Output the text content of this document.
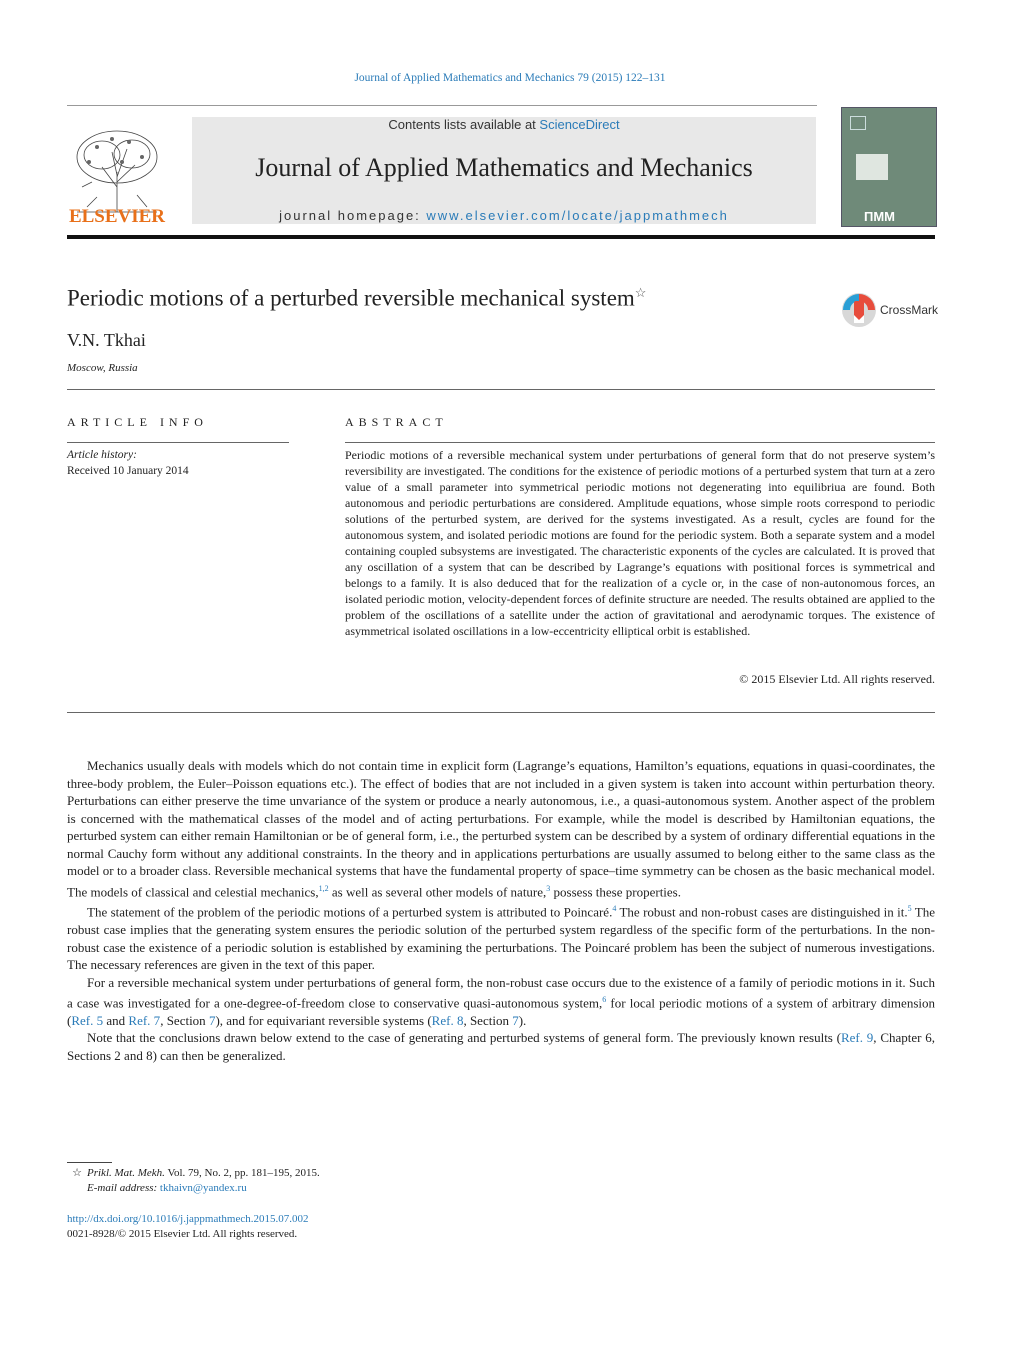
Journal of Applied Mathematics and Mechanics 79 (2015) 122–131
ELSEVIER
Contents lists available at ScienceDirect
Journal of Applied Mathematics and Mechanics
journal homepage: www.elsevier.com/locate/jappmathmech	ПММ
Periodic motions of a perturbed reversible mechanical system☆
CrossMark
V.N. Tkhai
Moscow, Russia
ARTICLE INFO
Article history:
Received 10 January 2014
ABSTRACT
Periodic motions of a reversible mechanical system under perturbations of general form that do not preserve system’s reversibility are investigated. The conditions for the existence of periodic motions of a perturbed system that turn at a zero value of a small parameter into symmetrical periodic motions not degenerating into equilibriua are found. Both autonomous and periodic perturbations are considered. Amplitude equations, whose simple roots correspond to periodic solutions of the perturbed system, are derived for the systems investigated. As a result, cycles are found for the autonomous system, and isolated periodic motions are found for the periodic system. Both a separate system and a model containing coupled subsystems are investigated. The characteristic exponents of the cycles are calculated. It is proved that any oscillation of a system that can be described by Lagrange’s equations with positional forces is symmetrical and belongs to a family. It is also deduced that for the realization of a cycle or, in the case of non-autonomous forces, an isolated periodic motion, velocity-dependent forces of definite structure are needed. The results obtained are applied to the problem of the oscillations of a satellite under the action of gravitational and aerodynamic torques. The existence of asymmetrical isolated oscillations in a low-eccentricity elliptical orbit is established.
© 2015 Elsevier Ltd. All rights reserved.

Mechanics usually deals with models which do not contain time in explicit form (Lagrange’s equations, Hamilton’s equations, equations in quasi-coordinates, the three-body problem, the Euler–Poisson equations etc.). The effect of bodies that are not included in a given system is taken into account within perturbation theory. Perturbations can either preserve the time unvariance of the system or produce a nearly autonomous, i.e., a quasi-autonomous system. Another aspect of the problem is concerned with the mathematical classes of the model and of acting perturbations. For example, while the model is described by Hamiltonian equations, the perturbed system can either remain Hamiltonian or be of general form, i.e., the perturbed system can be described by a system of ordinary differential equations in the normal Cauchy form without any additional constraints. In the theory and in applications perturbations are usually assumed to belong either to the same class as the model or to a broader class. Reversible mechanical systems that have the fundamental property of space–time symmetry can be chosen as the basic mechanical model. The models of classical and celestial mechanics,$^{1,2}$ as well as several other models of nature,$^3$ possess these properties.

The statement of the problem of the periodic motions of a perturbed system is attributed to Poincaré.$^4$ The robust and non-robust cases are distinguished in it.$^5$ The robust case implies that the generating system ensures the periodic solution of the perturbed system regardless of the specific form of the perturbations. In the non-robust case the existence of a periodic solution is established by examining the perturbations. The Poincaré problem has been the subject of numerous investigations. The necessary references are given in the text of this paper.

For a reversible mechanical system under perturbations of general form, the non-robust case occurs due to the existence of a family of periodic motions in it. Such a case was investigated for a one-degree-of-freedom close to conservative quasi-autonomous system,$^6$ for local periodic motions of a system of arbitrary dimension (Ref. 5 and Ref. 7, Section 7), and for equivariant reversible systems (Ref. 8, Section 7).

Note that the conclusions drawn below extend to the case of generating and perturbed systems of general form. The previously known results (Ref. 9, Chapter 6, Sections 2 and 8) can then be generalized.

☆ Prikl. Mat. Mekh. Vol. 79, No. 2, pp. 181–195, 2015.
E-mail address: tkhaivn@yandex.ru
http://dx.doi.org/10.1016/j.jappmathmech.2015.07.002
0021-8928/© 2015 Elsevier Ltd. All rights reserved.
